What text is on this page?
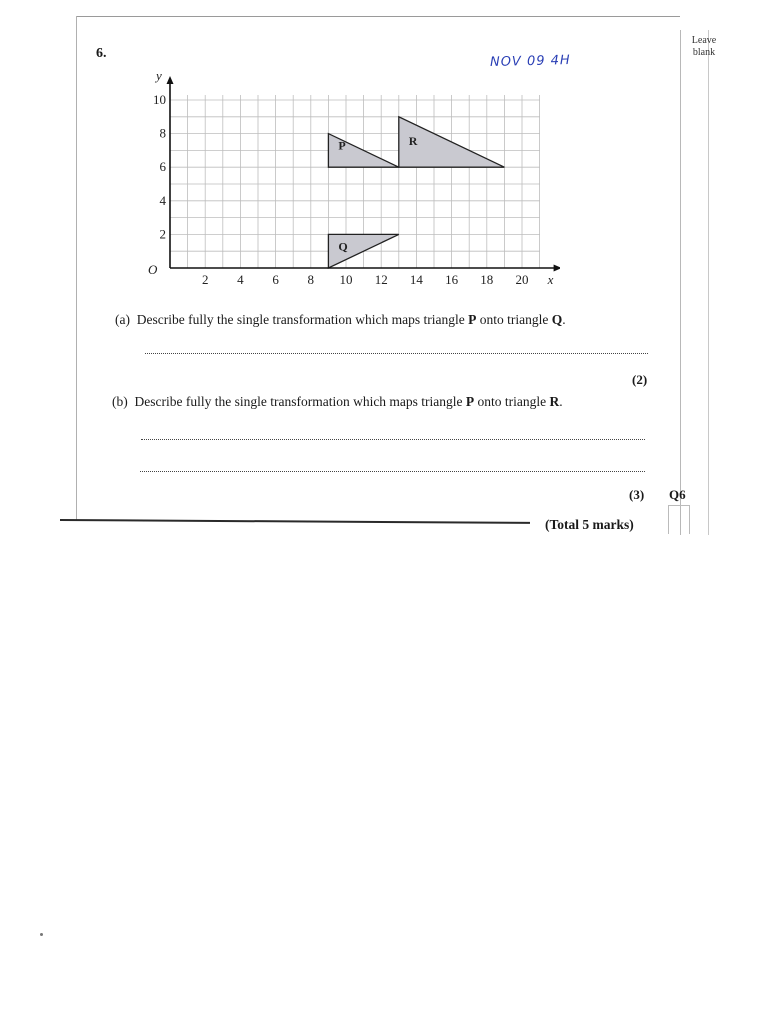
Leave blank
6.	NOV 09 4H
P	R
Q
2 4 6 8 10 12 14 16 18 20
2
4
6
8
10
O
x
y
(a) Describe fully the single transformation which maps triangle P onto triangle Q.
(2)
(b) Describe fully the single transformation which maps triangle P onto triangle R.
(3) Q6
(Total 5 marks)
